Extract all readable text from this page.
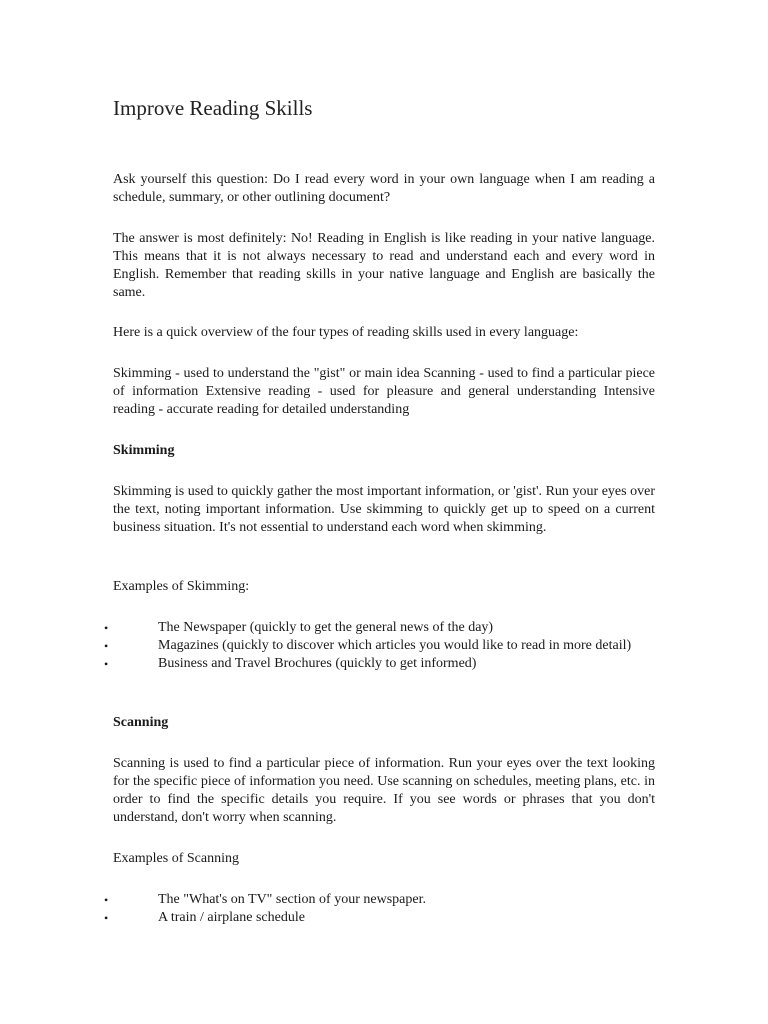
Improve Reading Skills

Ask yourself this question: Do I read every word in your own language when I am reading a schedule, summary, or other outlining document?

The answer is most definitely: No! Reading in English is like reading in your native language. This means that it is not always necessary to read and understand each and every word in English. Remember that reading skills in your native language and English are basically the same.

Here is a quick overview of the four types of reading skills used in every language:

Skimming - used to understand the "gist" or main idea Scanning - used to find a particular piece of information Extensive reading - used for pleasure and general understanding Intensive reading - accurate reading for detailed understanding

Skimming

Skimming is used to quickly gather the most important information, or 'gist'. Run your eyes over the text, noting important information. Use skimming to quickly get up to speed on a current business situation. It's not essential to understand each word when skimming.

Examples of Skimming:

•	The Newspaper (quickly to get the general news of the day)
•	Magazines (quickly to discover which articles you would like to read in more detail)
•	Business and Travel Brochures (quickly to get informed)
Scanning

Scanning is used to find a particular piece of information. Run your eyes over the text looking for the specific piece of information you need. Use scanning on schedules, meeting plans, etc. in order to find the specific details you require. If you see words or phrases that you don't understand, don't worry when scanning.

Examples of Scanning

•	The "What's on TV" section of your newspaper.
•	A train / airplane schedule
